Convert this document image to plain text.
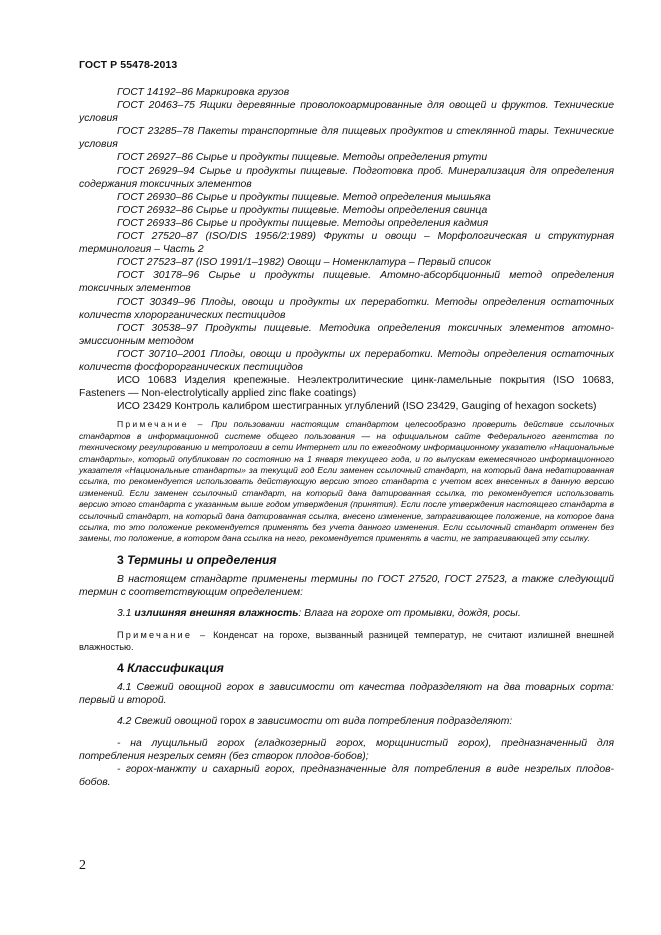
ГОСТ Р 55478-2013

ГОСТ 14192–86 Маркировка грузов

ГОСТ 20463–75 Ящики деревянные проволокоармированные для овощей и фруктов. Технические условия

ГОСТ 23285–78 Пакеты транспортные для пищевых продуктов и стеклянной тары. Технические условия

ГОСТ 26927–86 Сырье и продукты пищевые. Методы определения ртути

ГОСТ 26929–94 Сырье и продукты пищевые. Подготовка проб. Минерализация для определения содержания токсичных элементов

ГОСТ 26930–86 Сырье и продукты пищевые. Метод определения мышьяка

ГОСТ 26932–86 Сырье и продукты пищевые. Методы определения свинца

ГОСТ 26933–86 Сырье и продукты пищевые. Методы определения кадмия

ГОСТ 27520–87 (ISO/DIS 1956/2:1989) Фрукты и овощи – Морфологическая и структурная терминология – Часть 2

ГОСТ 27523–87 (ISO 1991/1–1982) Овощи – Номенклатура – Первый список

ГОСТ 30178–96 Сырье и продукты пищевые. Атомно-абсорбционный метод определения токсичных элементов

ГОСТ 30349–96 Плоды, овощи и продукты их переработки. Методы определения остаточных количеств хлорорганических пестицидов

ГОСТ 30538–97 Продукты пищевые. Методика определения токсичных элементов атомно-эмиссионным методом

ГОСТ 30710–2001 Плоды, овощи и продукты их переработки. Методы определения остаточных количеств фосфорорганических пестицидов

ИСО 10683 Изделия крепежные. Неэлектролитические цинк-ламельные покрытия (ISO 10683, Fasteners — Non-electrolytically applied zinc flake coatings)

ИСО 23429 Контроль калибром шестигранных углублений (ISO 23429, Gauging of hexagon sockets)

Примечание – При пользовании настоящим стандартом целесообразно проверить действие ссылочных стандартов в информационной системе общего пользования — на официальном сайте Федерального агентства по техническому регулированию и метрологии в сети Интернет или по ежегодному информационному указателю «Национальные стандарты», который опубликован по состоянию на 1 января текущего года, и по выпускам ежемесячного информационного указателя «Национальные стандарты» за текущий год Если заменен ссылочный стандарт, на который дана недатированная ссылка, то рекомендуется использовать действующую версию этого стандарта с учетом всех внесенных в данную версию изменений. Если заменен ссылочный стандарт, на который дана датированная ссылка, то рекомендуется использовать версию этого стандарта с указанным выше годом утверждения (принятия). Если после утверждения настоящего стандарта в ссылочный стандарт, на который дана датированная ссылка, внесено изменение, затрагивающее положение, на которое дана ссылка, то это положение рекомендуется применять без учета данного изменения. Если ссылочный стандарт отменен без замены, то положение, в котором дана ссылка на него, рекомендуется применять в части, не затрагивающей эту ссылку.

3 Термины и определения

В настоящем стандарте применены термины по ГОСТ 27520, ГОСТ 27523, а также следующий термин с соответствующим определением:

3.1 излишняя внешняя влажность: Влага на горохе от промывки, дождя, росы.

Примечание – Конденсат на горохе, вызванный разницей температур, не считают излишней внешней влажностью.

4 Классификация

4.1 Свежий овощной горох в зависимости от качества подразделяют на два товарных сорта: первый и второй.

4.2 Свежий овощной горох в зависимости от вида потребления подразделяют:

- на лущильный горох (гладкозерный горох, морщинистый горох), предназначенный для потребления незрелых семян (без створок плодов-бобов);

- горох-манжту и сахарный горох, предназначенные для потребления в виде незрелых плодов-бобов.

2
